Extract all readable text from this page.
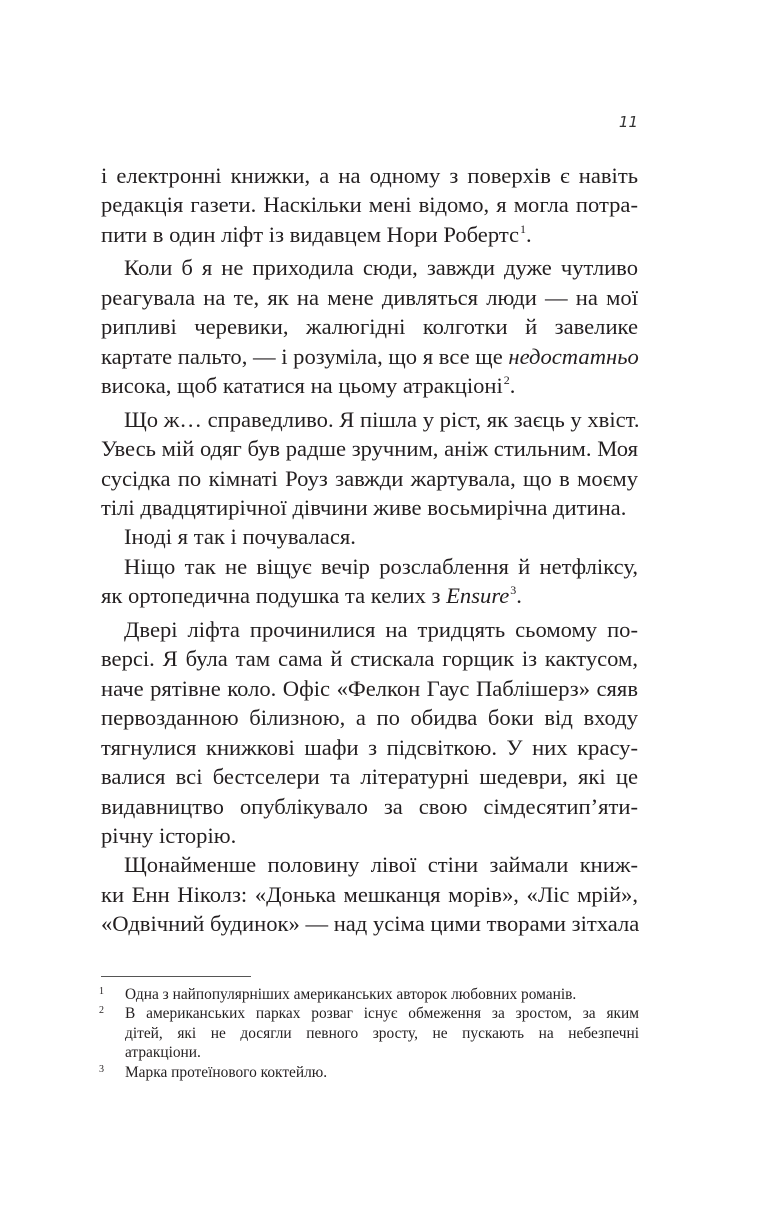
11
і електронні книжки, а на одному з поверхів є навіть
редакція газети. Наскільки мені відомо, я могла потра-
пити в один ліфт із видавцем Нори Робертс$^1$.
Коли б я не приходила сюди, завжди дуже чутливо
реагувала на те, як на мене дивляться люди — на мої
рипливі черевики, жалюгідні колготки й завелике
картате пальто, — і розуміла, що я все ще недостатньо
висока, щоб кататися на цьому атракціоні$^2$.
Що ж… справедливо. Я пішла у ріст, як заєць у хвіст.
Увесь мій одяг був радше зручним, аніж стильним. Моя
сусідка по кімнаті Роуз завжди жартувала, що в моєму
тілі двадцятирічної дівчини живе восьмирічна дитина.
Іноді я так і почувалася.
Ніщо так не віщує вечір розслаблення й нетфліксу,
як ортопедична подушка та келих з Ensure$^3$.
Двері ліфта прочинилися на тридцять сьомому по-
версі. Я була там сама й стискала горщик із кактусом,
наче рятівне коло. Офіс «Фелкон Гаус Паблішерз» сяяв
первозданною білизною, а по обидва боки від входу
тягнулися книжкові шафи з підсвіткою. У них красу-
валися всі бестселери та літературні шедеври, які це
видавництво опублікувало за свою сімдесятип’яти-
річну історію.
Щонайменше половину лівої стіни займали книж-
ки Енн Ніколз: «Донька мешканця морів», «Ліс мрій»,
«Одвічний будинок» — над усіма цими творами зітхала
1	Одна з найпопулярніших американських авторок любовних романів.
2	В американських парках розваг існує обмеження за зростом, за яким
дітей, які не досягли певного зросту, не пускають на небезпечні
атракціони.
3	Марка протеїнового коктейлю.
